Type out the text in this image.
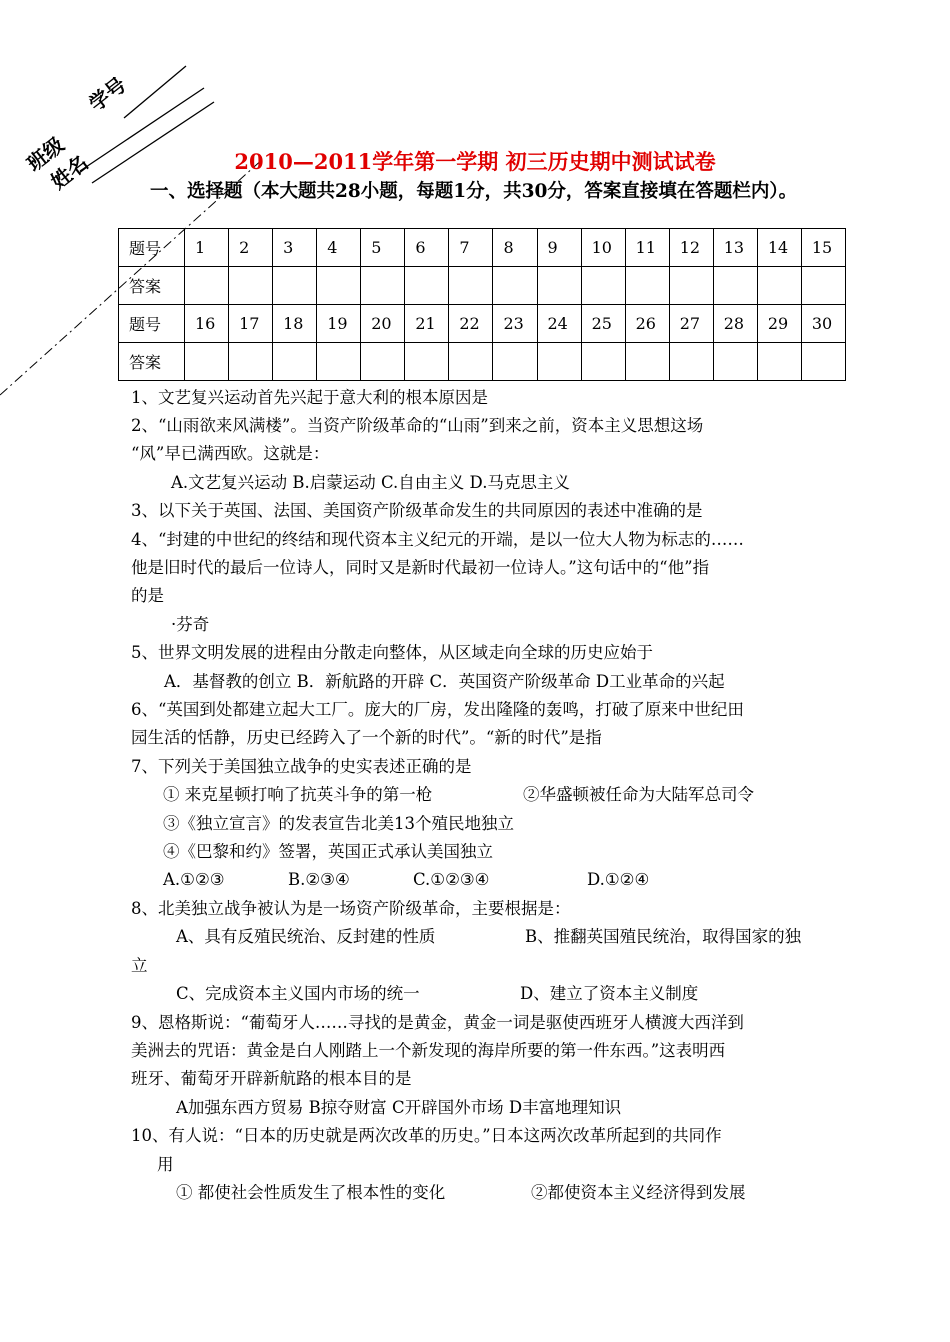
班级
姓名
学号
2010—2011学年第一学期 初三历史期中测试试卷
一、选择题（本大题共28小题，每题1分，共30分，答案直接填在答题栏内）。
题号	1	2	3	4	5	6	7	8	9	10	11	12	13	14	15
答案															
题号	16	17	18	19	20	21	22	23	24	25	26	27	28	29	30
答案															
1、文艺复兴运动首先兴起于意大利的根本原因是
2、“山雨欲来风满楼”。当资产阶级革命的“山雨”到来之前，资本主义思想这场
“风”早已满西欧。这就是：
A.文艺复兴运动 B.启蒙运动 C.自由主义 D.马克思主义
3、以下关于英国、法国、美国资产阶级革命发生的共同原因的表述中准确的是
4、“封建的中世纪的终结和现代资本主义纪元的开端，是以一位大人物为标志的……
他是旧时代的最后一位诗人，同时又是新时代最初一位诗人。”这句话中的“他”指
的是
·芬奇
5、世界文明发展的进程由分散走向整体，从区域走向全球的历史应始于
A．基督教的创立 B．新航路的开辟 C．英国资产阶级革命 D工业革命的兴起
6、“英国到处都建立起大工厂。庞大的厂房，发出隆隆的轰鸣，打破了原来中世纪田
园生活的恬静，历史已经跨入了一个新的时代”。“新的时代”是指
7、下列关于美国独立战争的史实表述正确的是
① 来克星顿打响了抗英斗争的第一枪	②华盛顿被任命为大陆军总司令
③《独立宣言》的发表宣告北美13个殖民地独立
④《巴黎和约》签署，英国正式承认美国独立
A.①②③	B.②③④	C.①②③④	D.①②④
8、北美独立战争被认为是一场资产阶级革命，主要根据是：
A、具有反殖民统治、反封建的性质	B、推翻英国殖民统治，取得国家的独
立
C、完成资本主义国内市场的统一	D、建立了资本主义制度
9、恩格斯说：“葡萄牙人……寻找的是黄金，黄金一词是驱使西班牙人横渡大西洋到
美洲去的咒语：黄金是白人刚踏上一个新发现的海岸所要的第一件东西。”这表明西
班牙、葡萄牙开辟新航路的根本目的是
A加强东西方贸易 B掠夺财富 C开辟国外市场 D丰富地理知识
10、有人说：“日本的历史就是两次改革的历史。”日本这两次改革所起到的共同作
用
① 都使社会性质发生了根本性的变化	②都使资本主义经济得到发展
